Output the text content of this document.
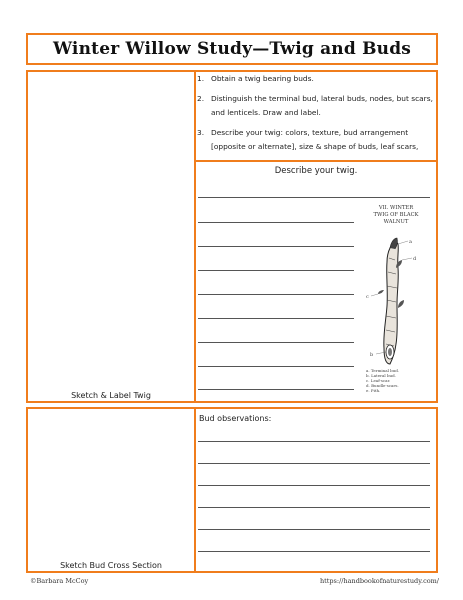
Winter Willow Study—Twig and Buds
Sketch & Label Twig
1. Obtain a twig bearing buds.
2. Distinguish the terminal bud, lateral buds, nodes, but scars, and lenticels. Draw and label.
3. Describe your twig: colors, texture, bud arrangement [opposite or alternate], size & shape of buds, leaf scars,
Describe your twig.
VII. WINTER
TWIG OF BLACK
WALNUT
a
d
c
b
a. Terminal bud.
b. Lateral bud.
c. Leaf-scar.
d. Bundle-scars.
e. Pith.
Sketch Bud Cross Section
Bud observations:
©Barbara McCoy	https://handbookofnaturestudy.com/
